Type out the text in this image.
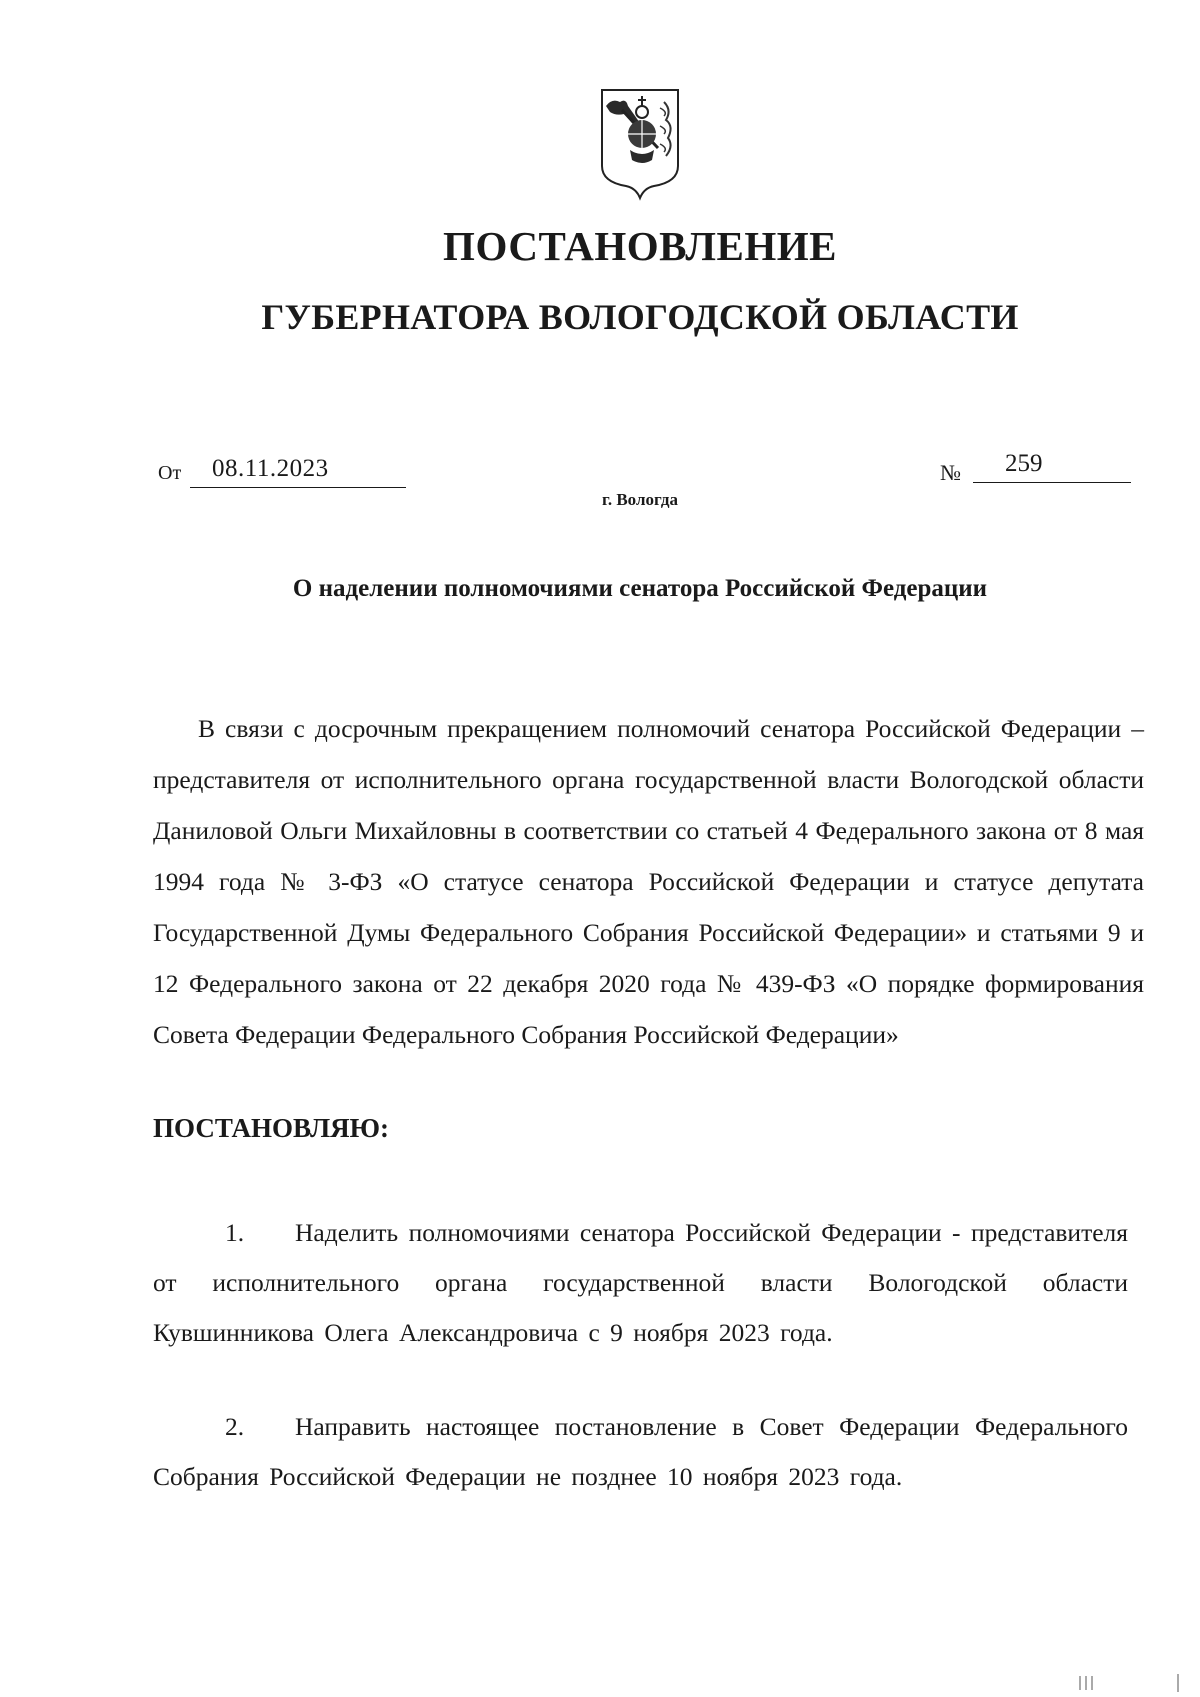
ПОСТАНОВЛЕНИЕ
ГУБЕРНАТОРА ВОЛОГОДСКОЙ ОБЛАСТИ
От 08.11.2023	№ 259
г. Вологда
О наделении полномочиями сенатора Российской Федерации

В связи с досрочным прекращением полномочий сенатора Российской Федерации – представителя от исполнительного органа государственной власти Вологодской области Даниловой Ольги Михайловны в соответствии со статьей 4 Федерального закона от 8 мая 1994 года № 3-ФЗ «О статусе сенатора Российской Федерации и статусе депутата Государственной Думы Федерального Собрания Российской Федерации» и статьями 9 и 12 Федерального закона от 22 декабря 2020 года № 439-ФЗ «О порядке формирования Совета Федерации Федерального Собрания Российской Федерации»

ПОСТАНОВЛЯЮ:

1. Наделить полномочиями сенатора Российской Федерации - представителя от исполнительного органа государственной власти Вологодской области Кувшинникова Олега Александровича с 9 ноября 2023 года.

2. Направить настоящее постановление в Совет Федерации Федерального Собрания Российской Федерации не позднее 10 ноября 2023 года.
